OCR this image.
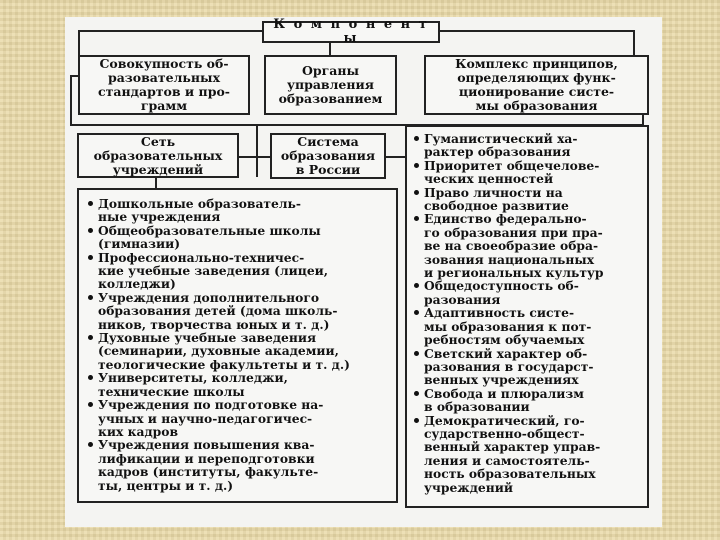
К о м п о н е н т ы
Совокупность об-
разовательных
стандартов и про-
грамм
Органы
управления
образованием
Комплекс принципов,
определяющих функ-
ционирование систе-
мы образования
Сеть
образовательных
учреждений
Система
образования
в России
Дошкольные образователь-
ные учреждения
Общеобразовательные школы
(гимназии)
Профессионально-техничес-
кие учебные заведения (лицеи,
колледжи)
Учреждения дополнительного
образования детей (дома школь-
ников, творчества юных и т. д.)
Духовные учебные заведения
(семинарии, духовные академии,
теологические факультеты и т. д.)
Университеты, колледжи,
технические школы
Учреждения по подготовке на-
учных и научно-педагогичес-
ких кадров
Учреждения повышения ква-
лификации и переподготовки
кадров (институты, факульте-
ты, центры и т. д.)
Гуманистический ха-
рактер образования
Приоритет общечелове-
ческих ценностей
Право личности на
свободное развитие
Единство федерально-
го образования при пра-
ве на своеобразие обра-
зования национальных
и региональных культур
Общедоступность об-
разования
Адаптивность систе-
мы образования к пот-
ребностям обучаемых
Светский характер об-
разования в государст-
венных учреждениях
Свобода и плюрализм
в образовании
Демократический, го-
сударственно-общест-
венный характер управ-
ления и самостоятель-
ность образовательных
учреждений
